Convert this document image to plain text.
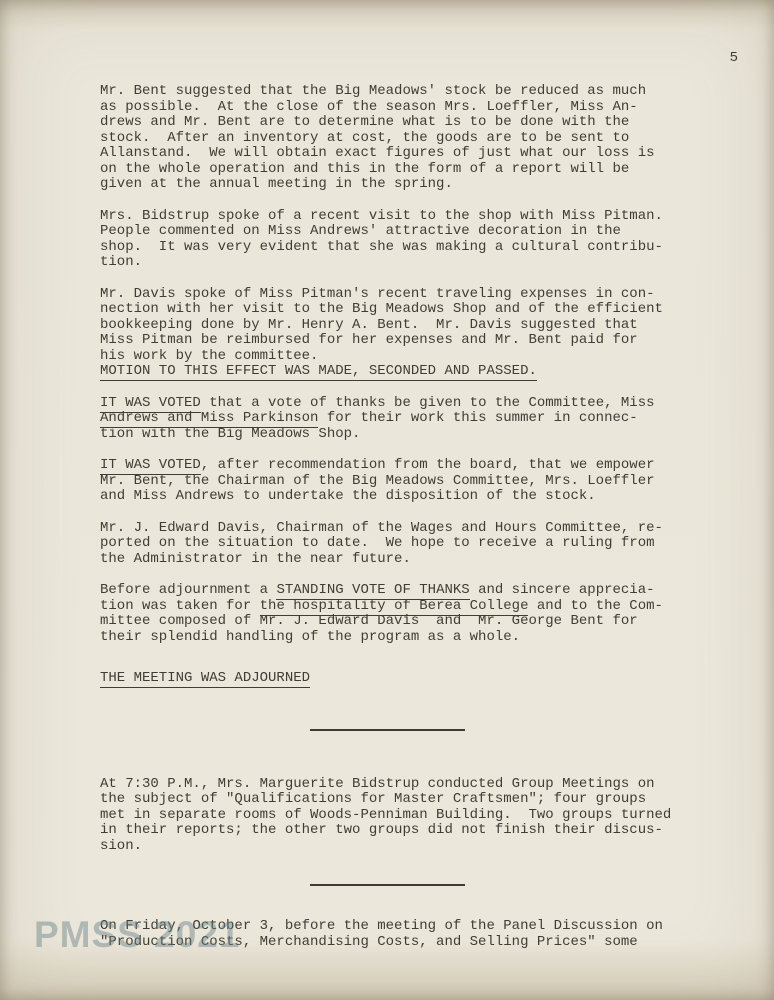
5
Mr. Bent suggested that the Big Meadows' stock be reduced as much
as possible.  At the close of the season Mrs. Loeffler, Miss An-
drews and Mr. Bent are to determine what is to be done with the
stock.  After an inventory at cost, the goods are to be sent to
Allanstand.  We will obtain exact figures of just what our loss is
on the whole operation and this in the form of a report will be
given at the annual meeting in the spring.
Mrs. Bidstrup spoke of a recent visit to the shop with Miss Pitman.
People commented on Miss Andrews' attractive decoration in the
shop.  It was very evident that she was making a cultural contribu-
tion.
Mr. Davis spoke of Miss Pitman's recent traveling expenses in con-
nection with her visit to the Big Meadows Shop and of the efficient
bookkeeping done by Mr. Henry A. Bent.  Mr. Davis suggested that
Miss Pitman be reimbursed for her expenses and Mr. Bent paid for
his work by the committee.
MOTION TO THIS EFFECT WAS MADE, SECONDED AND PASSED.
IT WAS VOTED that a vote of thanks be given to the Committee, Miss
Andrews and Miss Parkinson for their work this summer in connec-
tion with the Big Meadows Shop.
IT WAS VOTED, after recommendation from the board, that we empower
Mr. Bent, the Chairman of the Big Meadows Committee, Mrs. Loeffler
and Miss Andrews to undertake the disposition of the stock.
Mr. J. Edward Davis, Chairman of the Wages and Hours Committee, re-
ported on the situation to date.  We hope to receive a ruling from
the Administrator in the near future.
Before adjournment a STANDING VOTE OF THANKS and sincere apprecia-
tion was taken for the hospitality of Berea College and to the Com-
mittee composed of Mr. J. Edward Davis  and  Mr. George Bent for
their splendid handling of the program as a whole.
THE MEETING WAS ADJOURNED
At 7:30 P.M., Mrs. Marguerite Bidstrup conducted Group Meetings on
the subject of "Qualifications for Master Craftsmen"; four groups
met in separate rooms of Woods-Penniman Building.  Two groups turned
in their reports; the other two groups did not finish their discus-
sion.
On Friday, October 3, before the meeting of the Panel Discussion on
"Production Costs, Merchandising Costs, and Selling Prices" some
PMSS 2021
